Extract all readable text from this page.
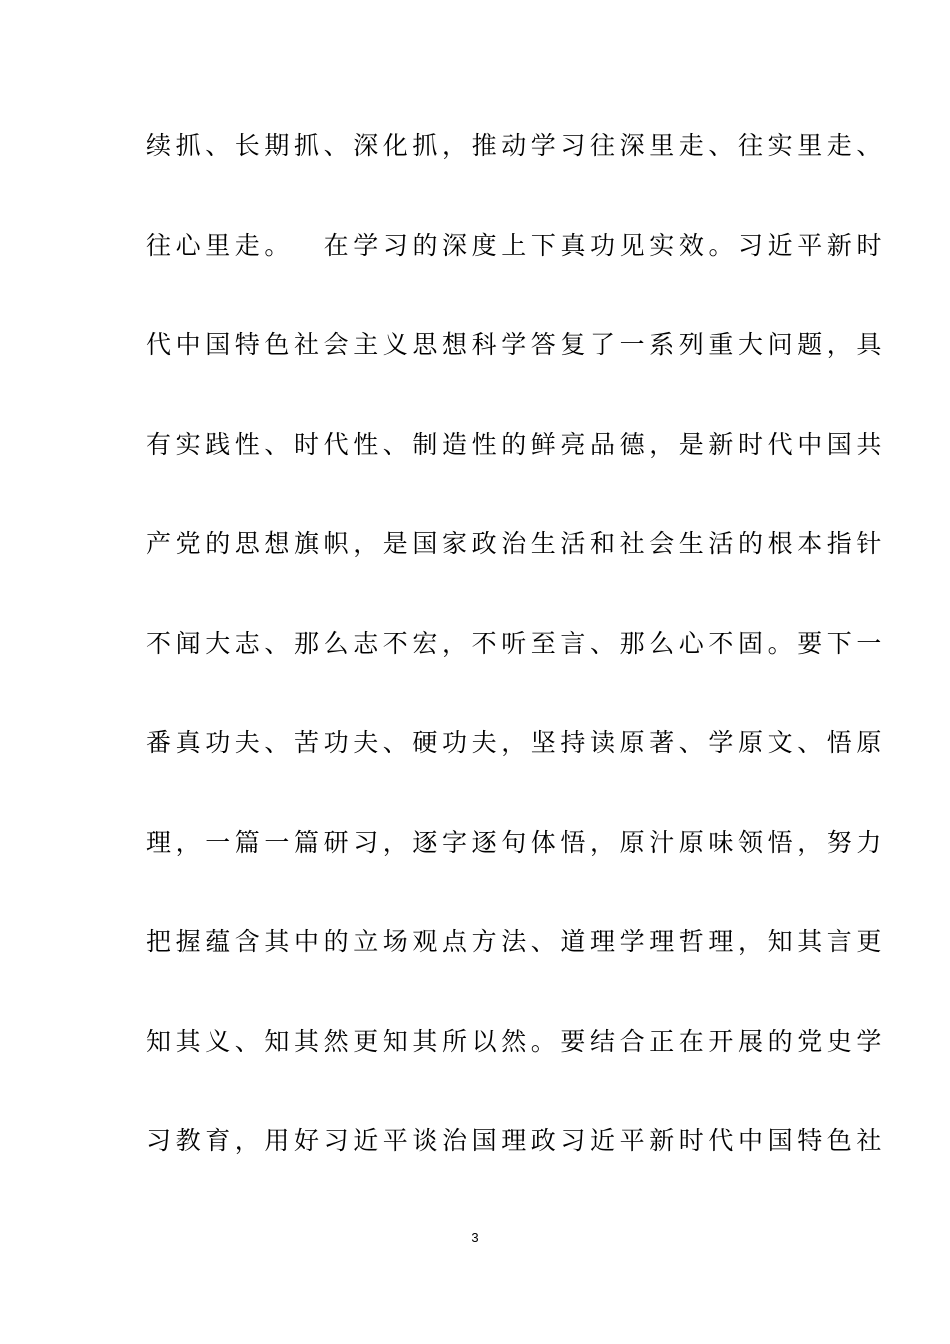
续抓、长期抓、深化抓，推动学习往深里走、往实里走、
往心里走。　 在学习的深度上下真功见实效。习近平新时
代中国特色社会主义思想科学答复了一系列重大问题，具
有实践性、时代性、制造性的鲜亮品德，是新时代中国共
产党的思想旗帜，是国家政治生活和社会生活的根本指针
不闻大志、那么志不宏，不听至言、那么心不固。要下一
番真功夫、苦功夫、硬功夫，坚持读原著、学原文、悟原
理，一篇一篇研习，逐字逐句体悟，原汁原味领悟，努力
把握蕴含其中的立场观点方法、道理学理哲理，知其言更
知其义、知其然更知其所以然。要结合正在开展的党史学
习教育，用好习近平谈治国理政习近平新时代中国特色社
3
